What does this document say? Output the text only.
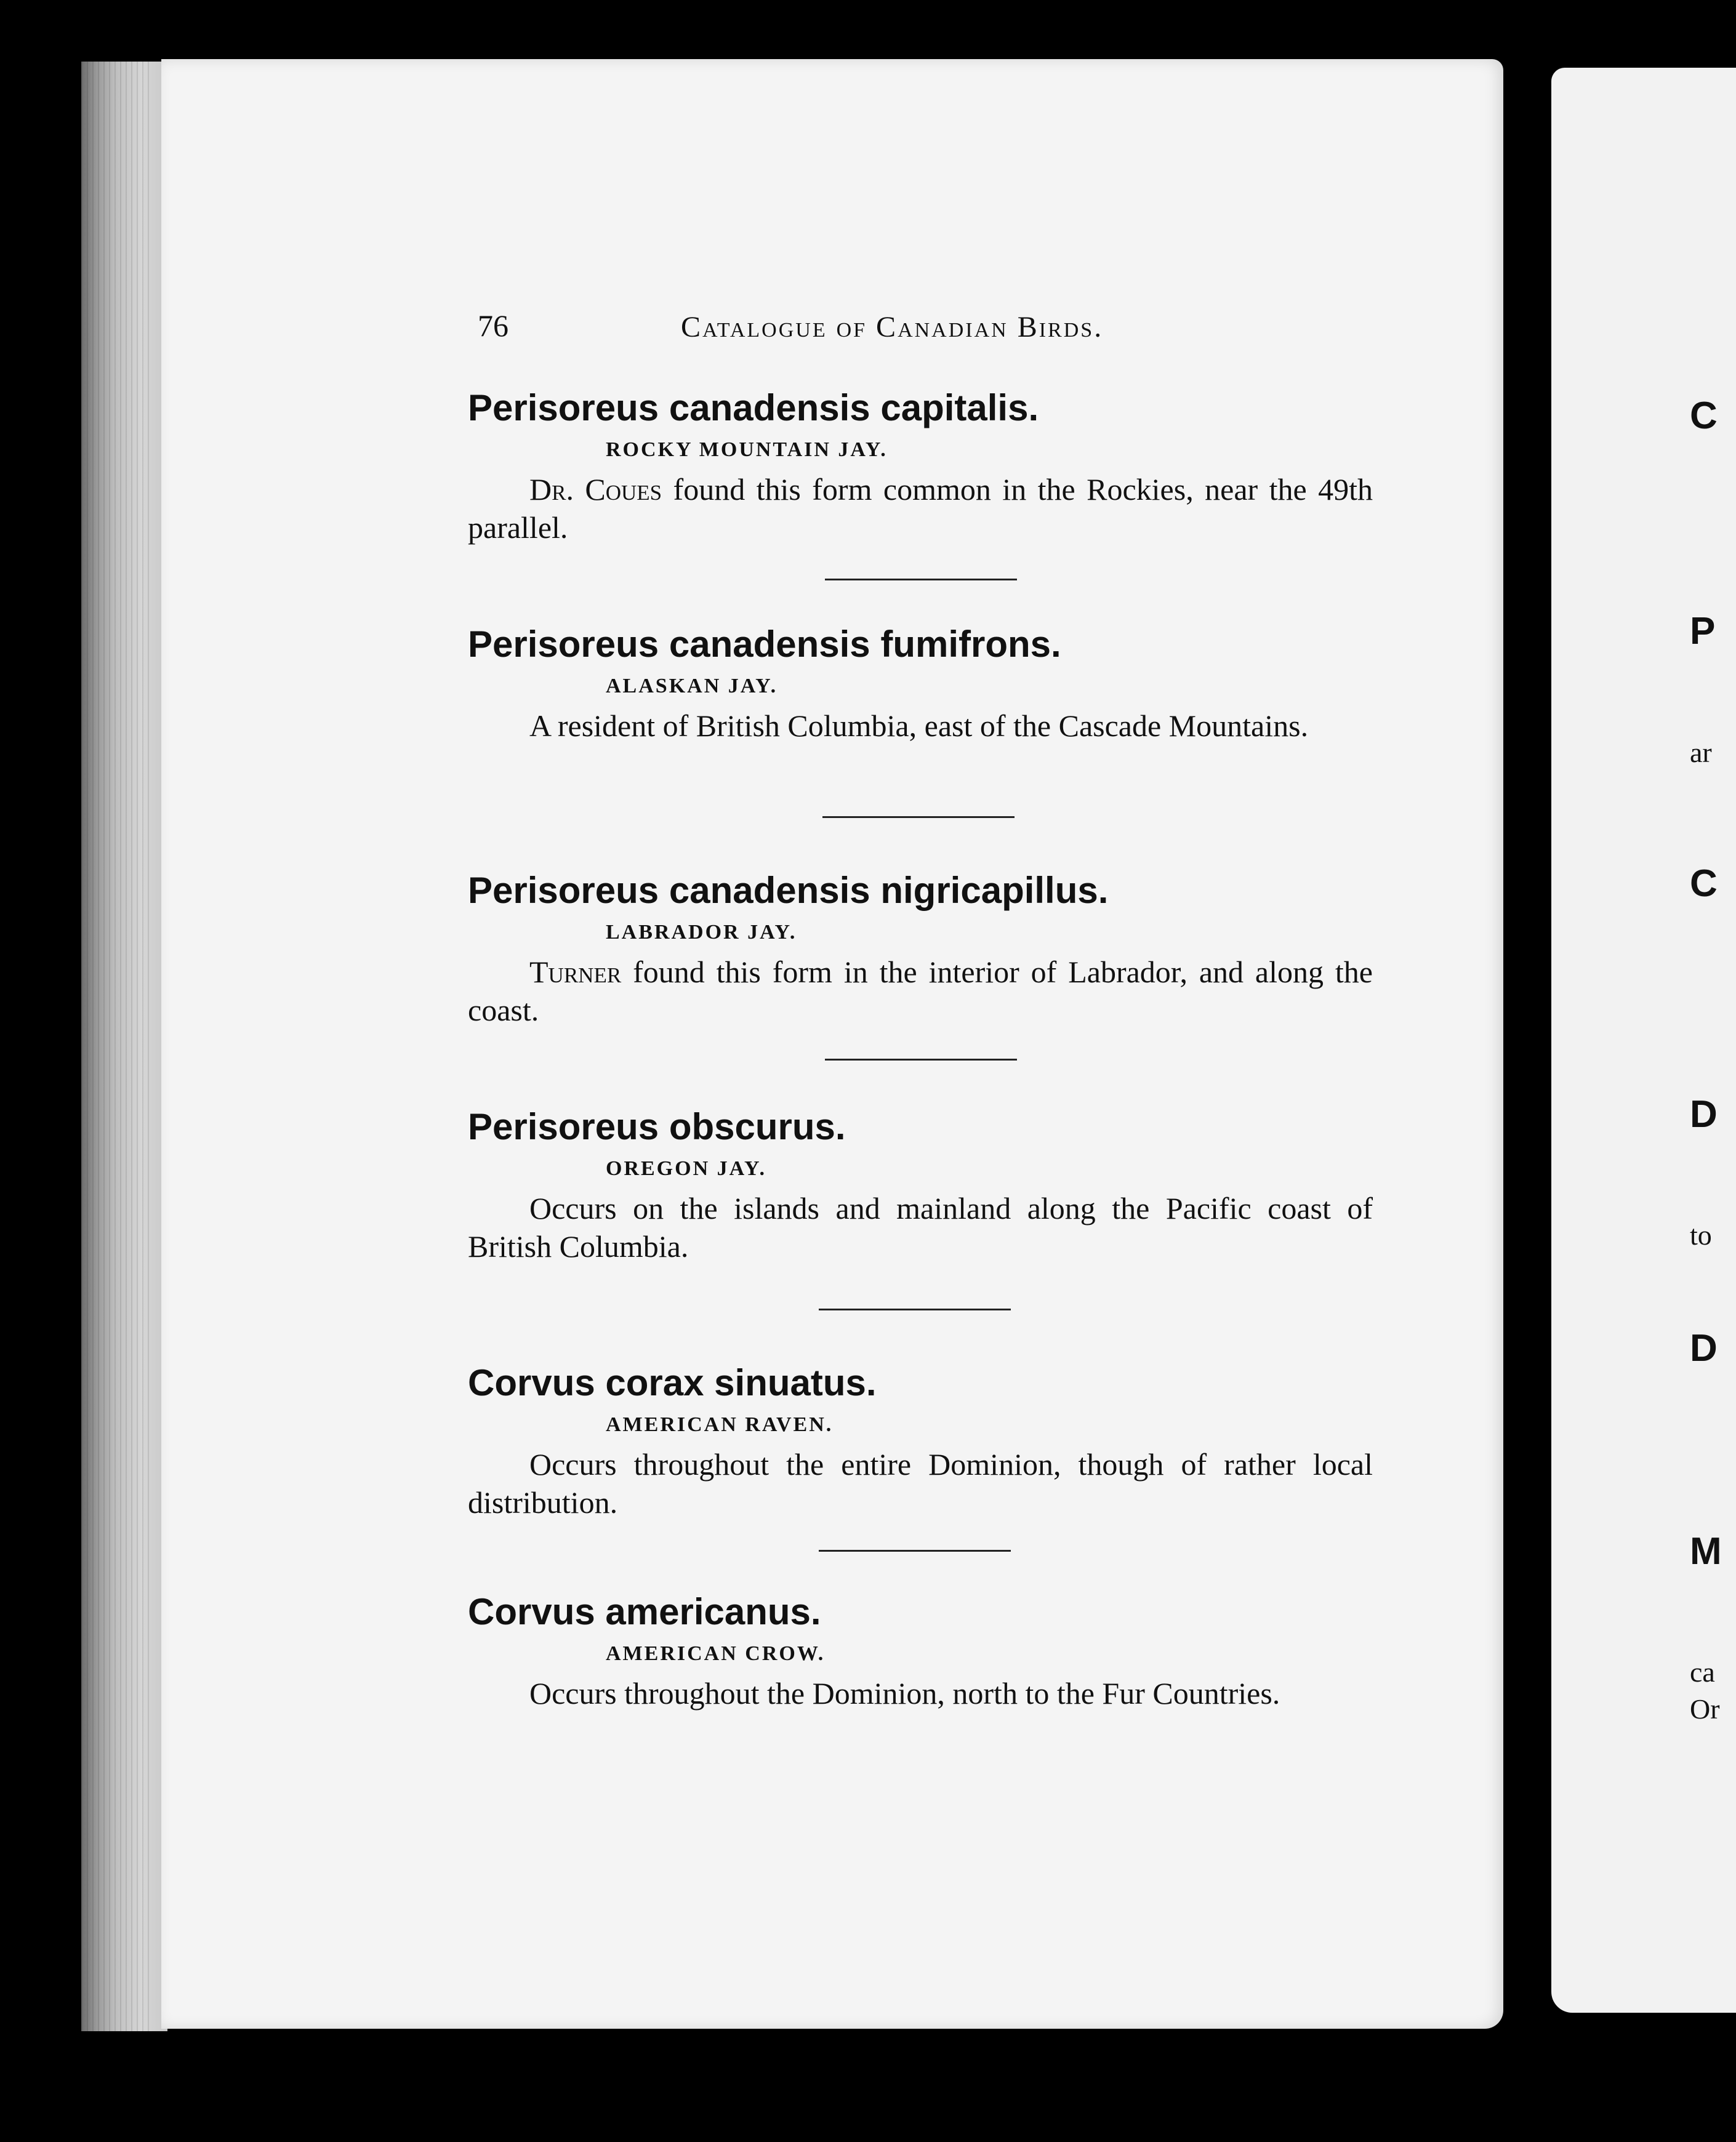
C
P
ar
C
D
to
D
M
ca
Or
76	Catalogue of Canadian Birds.
Perisoreus canadensis capitalis.
ROCKY MOUNTAIN JAY.
Dr. Coues found this form common in the Rockies, near the 49th parallel.
Perisoreus canadensis fumifrons.
ALASKAN JAY.
A resident of British Columbia, east of the Cascade Mountains.
Perisoreus canadensis nigricapillus.
LABRADOR JAY.
Turner found this form in the interior of Labrador, and along the coast.
Perisoreus obscurus.
OREGON JAY.
Occurs on the islands and mainland along the Pacific coast of British Columbia.
Corvus corax sinuatus.
AMERICAN RAVEN.
Occurs throughout the entire Dominion, though of rather local distribution.
Corvus americanus.
AMERICAN CROW.
Occurs throughout the Dominion, north to the Fur Countries.
